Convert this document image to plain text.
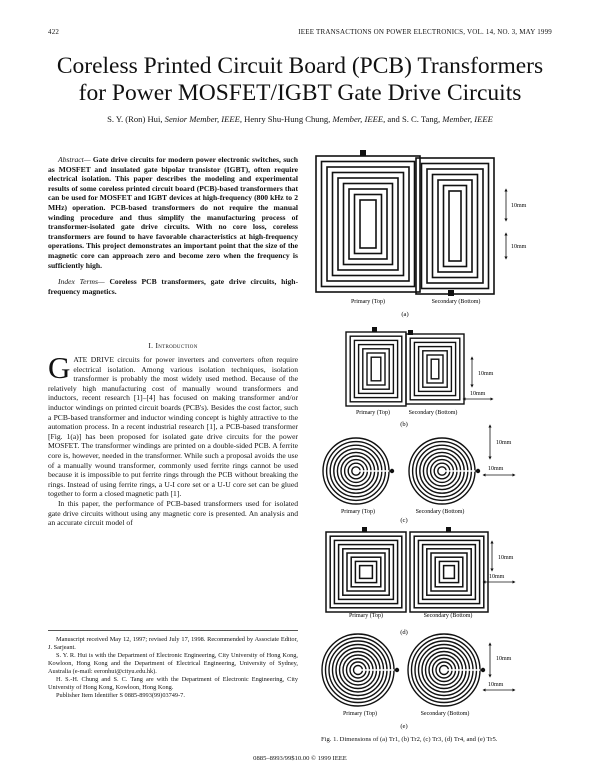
422	IEEE TRANSACTIONS ON POWER ELECTRONICS, VOL. 14, NO. 3, MAY 1999
Coreless Printed Circuit Board (PCB) Transformers
for Power MOSFET/IGBT Gate Drive Circuits
S. Y. (Ron) Hui, Senior Member, IEEE, Henry Shu-Hung Chung, Member, IEEE, and S. C. Tang, Member, IEEE

Abstract— Gate drive circuits for modern power electronic switches, such as MOSFET and insulated gate bipolar transistor (IGBT), often require electrical isolation. This paper describes the modeling and experimental results of some coreless printed circuit board (PCB)-based transformers that can be used for MOSFET and IGBT devices at high-frequency (800 kHz to 2 MHz) operation. PCB-based transformers do not require the manual winding procedure and thus simplify the manufacturing process of transformer-isolated gate drive circuits. With no core loss, coreless transformers are found to have favorable characteristics at high-frequency operations. This project demonstrates an important point that the size of the magnetic core can approach zero and become zero when the frequency is sufficiently high.

Index Terms— Coreless PCB transformers, gate drive circuits, high-frequency magnetics.

I. Introduction

GATE DRIVE circuits for power inverters and converters often require electrical isolation. Among various isolation techniques, isolation transformer is probably the most widely used method. Because of the relatively high manufacturing cost of manually wound transformers and inductors, recent research [1]–[4] has focused on making transformer and/or inductor windings on printed circuit boards (PCB's). Besides the cost factor, such a PCB-based transformer and inductor winding concept is highly attractive to the automation process. In a recent industrial research [1], a PCB-based transformer [Fig. 1(a)] has been proposed for isolated gate drive circuits for the power MOSFET. The transformer windings are printed on a double-sided PCB. A ferrite core is, however, needed in the transformer. While such a proposal avoids the use of a manually wound transformer, commonly used ferrite rings cannot be used because it is impossible to put ferrite rings through the PCB without breaking the rings. Instead of using ferrite rings, a U-I core set or a U-U core set can be glued together to form a closed magnetic path [1].

In this paper, the performance of PCB-based transformers used for isolated gate drive circuits without using any magnetic core is presented. An analysis and an accurate circuit model of

Manuscript received May 12, 1997; revised July 17, 1998. Recommended by Associate Editor, J. Sarjeant.

S. Y. R. Hui is with the Department of Electronic Engineering, City University of Hong Kong, Kowloon, Hong Kong and the Department of Electrical Engineering, University of Sydney, Australia (e-mail: eeronhui@cityu.edu.hk).

H. S.-H. Chung and S. C. Tang are with the Department of Electronic Engineering, City University of Hong Kong, Kowloon, Hong Kong.

Publisher Item Identifier S 0885-8993(99)03749-7.

10mm
10mm
Primary (Top)	Secondary (Bottom)
(a)
10mm
10mm
Primary (Top)	Secondary (Bottom)
(b)
10mm
10mm
Primary (Top)	Secondary (Bottom)
(c)
10mm
10mm
Primary (Top)	Secondary (Bottom)
(d)
10mm
10mm
Primary (Top)	Secondary (Bottom)
(e)
Fig. 1. Dimensions of (a) Tr1, (b) Tr2, (c) Tr3, (d) Tr4, and (e) Tr5.
0885–8993/99$10.00 © 1999 IEEE
